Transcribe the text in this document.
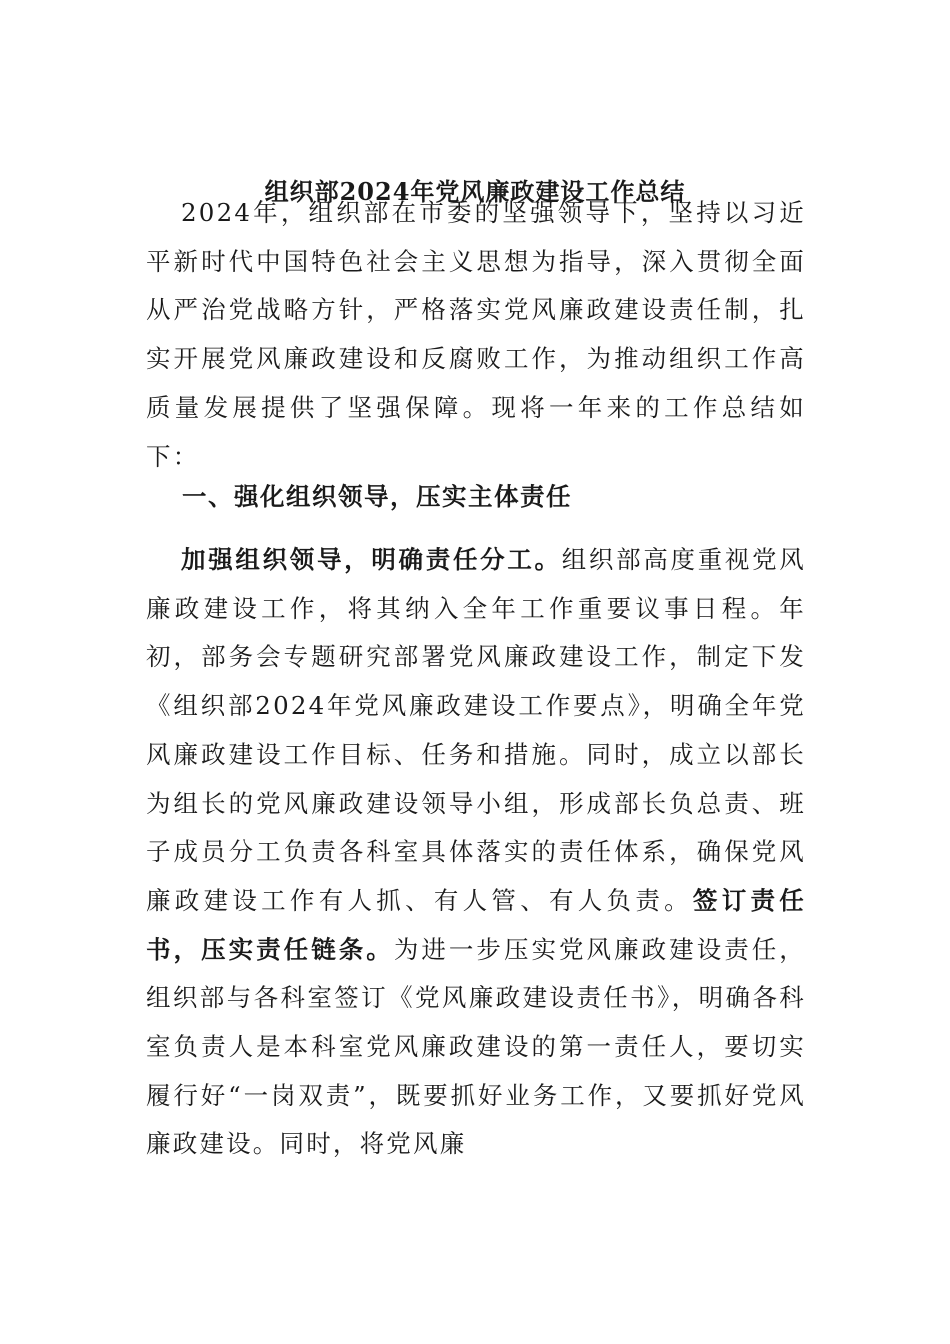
组织部2024年党风廉政建设工作总结

2024年，组织部在市委的坚强领导下，坚持以习近平新时代中国特色社会主义思想为指导，深入贯彻全面从严治党战略方针，严格落实党风廉政建设责任制，扎实开展党风廉政建设和反腐败工作，为推动组织工作高质量发展提供了坚强保障。现将一年来的工作总结如下：

一、强化组织领导，压实主体责任

加强组织领导，明确责任分工。组织部高度重视党风廉政建设工作，将其纳入全年工作重要议事日程。年初，部务会专题研究部署党风廉政建设工作，制定下发《组织部2024年党风廉政建设工作要点》，明确全年党风廉政建设工作目标、任务和措施。同时，成立以部长为组长的党风廉政建设领导小组，形成部长负总责、班子成员分工负责各科室具体落实的责任体系，确保党风廉政建设工作有人抓、有人管、有人负责。签订责任书，压实责任链条。为进一步压实党风廉政建设责任，组织部与各科室签订《党风廉政建设责任书》，明确各科室负责人是本科室党风廉政建设的第一责任人，要切实履行好“一岗双责”，既要抓好业务工作，又要抓好党风廉政建设。同时，将党风廉
